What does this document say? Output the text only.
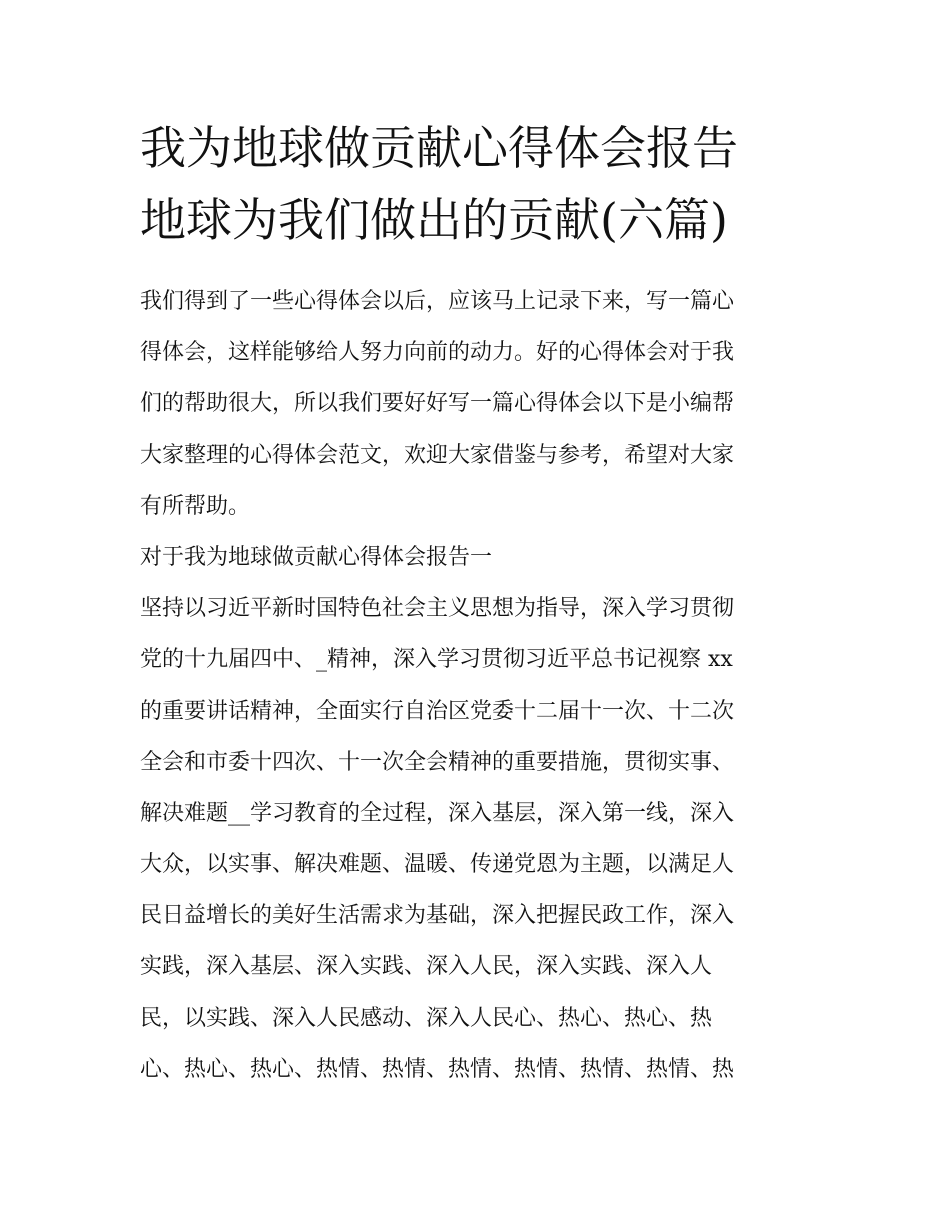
我为地球做贡献心得体会报告
地球为我们做出的贡献(六篇)
我们得到了一些心得体会以后，应该马上记录下来，写一篇心
得体会，这样能够给人努力向前的动力。好的心得体会对于我
们的帮助很大，所以我们要好好写一篇心得体会以下是小编帮
大家整理的心得体会范文，欢迎大家借鉴与参考，希望对大家
有所帮助。
对于我为地球做贡献心得体会报告一
坚持以习近平新时国特色社会主义思想为指导，深入学习贯彻
党的十九届四中、_精神，深入学习贯彻习近平总书记视察 xx
的重要讲话精神，全面实行自治区党委十二届十一次、十二次
全会和市委十四次、十一次全会精神的重要措施，贯彻实事、
解决难题__学习教育的全过程，深入基层，深入第一线，深入
大众，以实事、解决难题、温暖、传递党恩为主题，以满足人
民日益增长的美好生活需求为基础，深入把握民政工作，深入
实践，深入基层、深入实践、深入人民，深入实践、深入人
民，以实践、深入人民感动、深入人民心、热心、热心、热
心、热心、热心、热情、热情、热情、热情、热情、热情、热
